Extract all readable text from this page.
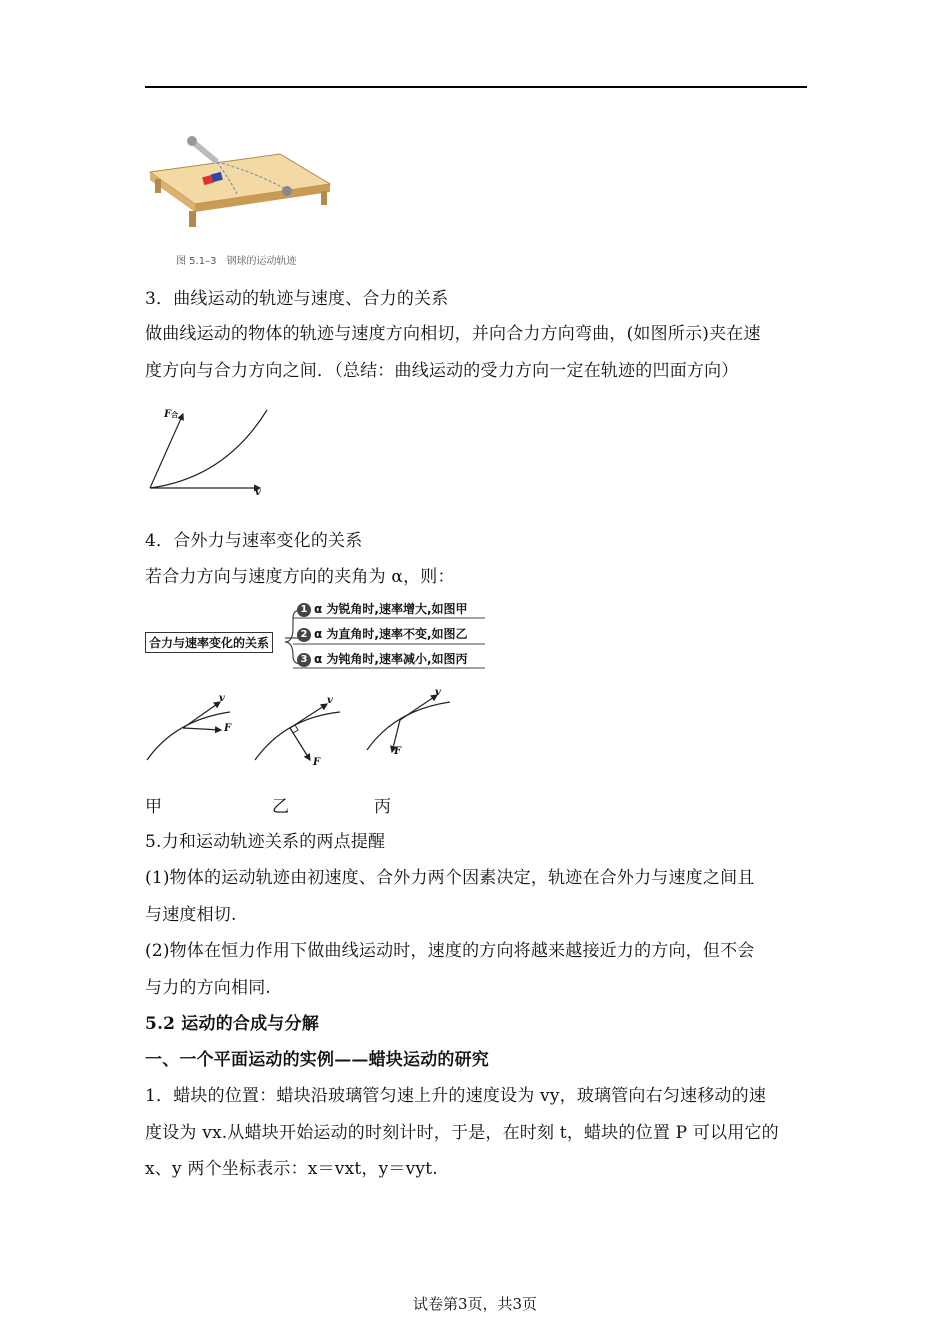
图 5.1–3　钢球的运动轨迹
3．曲线运动的轨迹与速度、合力的关系
做曲线运动的物体的轨迹与速度方向相切，并向合力方向弯曲，(如图所示)夹在速
度方向与合力方向之间．（总结：曲线运动的受力方向一定在轨迹的凹面方向）
F合
v
4．合外力与速率变化的关系
若合力方向与速度方向的夹角为 α，则：
合力与速率变化的关系
1 α 为锐角时,速率增大,如图甲
2 α 为直角时,速率不变,如图乙
3 α 为钝角时,速率减小,如图丙
v
F
v
F
v
F
甲	乙	丙
5.力和运动轨迹关系的两点提醒
(1)物体的运动轨迹由初速度、合外力两个因素决定，轨迹在合外力与速度之间且
与速度相切.
(2)物体在恒力作用下做曲线运动时，速度的方向将越来越接近力的方向，但不会
与力的方向相同.
5.2 运动的合成与分解
一、一个平面运动的实例——蜡块运动的研究
1．蜡块的位置：蜡块沿玻璃管匀速上升的速度设为 vy，玻璃管向右匀速移动的速
度设为 vx.从蜡块开始运动的时刻计时，于是，在时刻 t，蜡块的位置 P 可以用它的
x、y 两个坐标表示：x＝vxt，y＝vyt.
试卷第3页，共3页
